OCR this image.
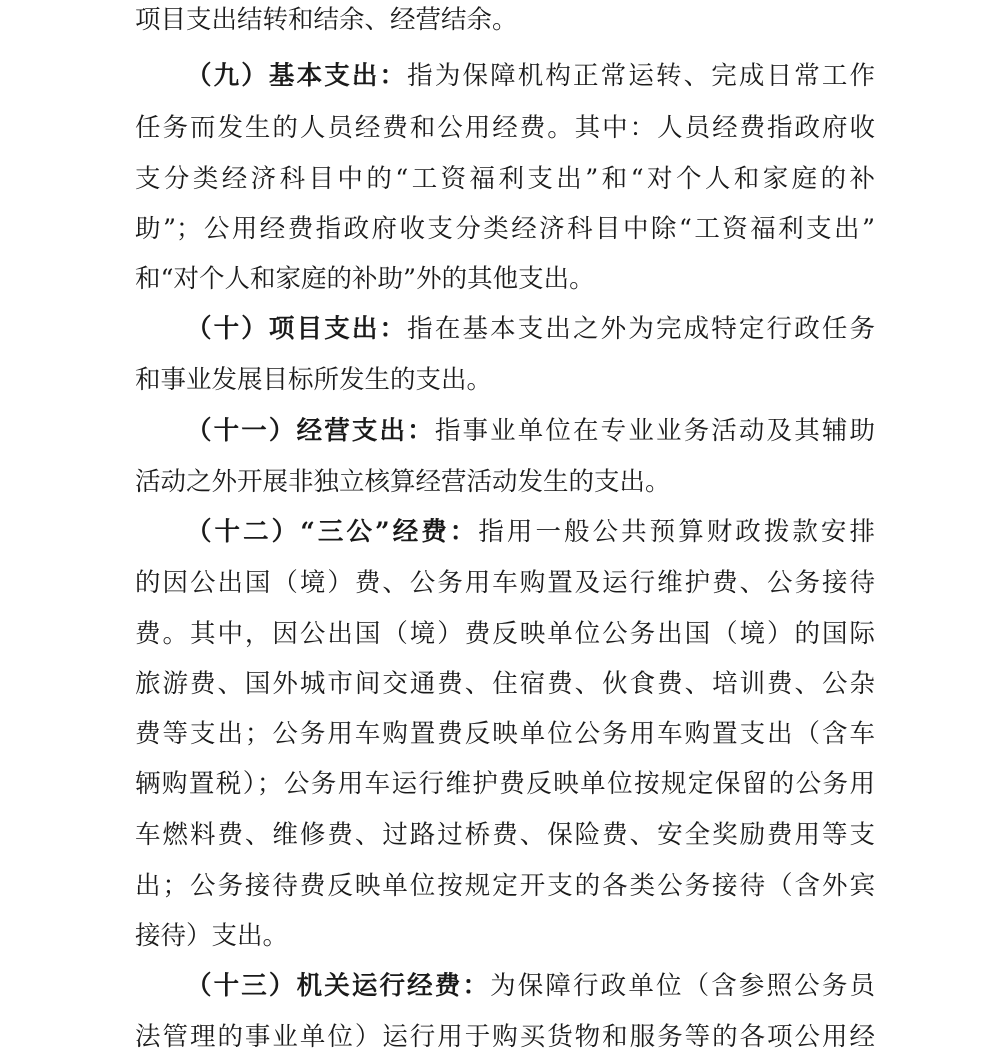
项目支出结转和结余、经营结余。
（九）基本支出：指为保障机构正常运转、完成日常工作
任务而发生的人员经费和公用经费。其中：人员经费指政府收
支分类经济科目中的“工资福利支出”和“对个人和家庭的补
助”；公用经费指政府收支分类经济科目中除“工资福利支出”
和“对个人和家庭的补助”外的其他支出。
（十）项目支出：指在基本支出之外为完成特定行政任务
和事业发展目标所发生的支出。
（十一）经营支出：指事业单位在专业业务活动及其辅助
活动之外开展非独立核算经营活动发生的支出。
（十二）“三公”经费：指用一般公共预算财政拨款安排
的因公出国（境）费、公务用车购置及运行维护费、公务接待
费。其中，因公出国（境）费反映单位公务出国（境）的国际
旅游费、国外城市间交通费、住宿费、伙食费、培训费、公杂
费等支出；公务用车购置费反映单位公务用车购置支出（含车
辆购置税）；公务用车运行维护费反映单位按规定保留的公务用
车燃料费、维修费、过路过桥费、保险费、安全奖励费用等支
出；公务接待费反映单位按规定开支的各类公务接待（含外宾
接待）支出。
（十三）机关运行经费：为保障行政单位（含参照公务员
法管理的事业单位）运行用于购买货物和服务等的各项公用经
